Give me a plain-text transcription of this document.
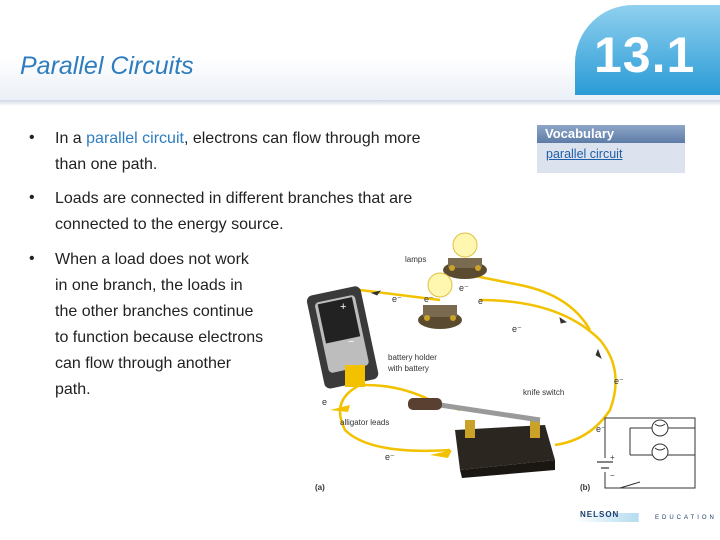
Parallel Circuits	13.1
• In a parallel circuit, electrons can flow through more
than one path.
• Loads are connected in different branches that are
connected to the energy source.
• When a load does not work
in one branch, the loads in
the other branches continue
to function because electrons
can flow through another
path.
Vocabulary
parallel circuit
+
−
lamps
battery holder
with battery
knife switch
alligator leads
(a)	(b)
e⁻ e⁻	e
e⁻
e⁻
e⁻
e⁻
e
e⁻	+
−
NELSON	EDUCATION
